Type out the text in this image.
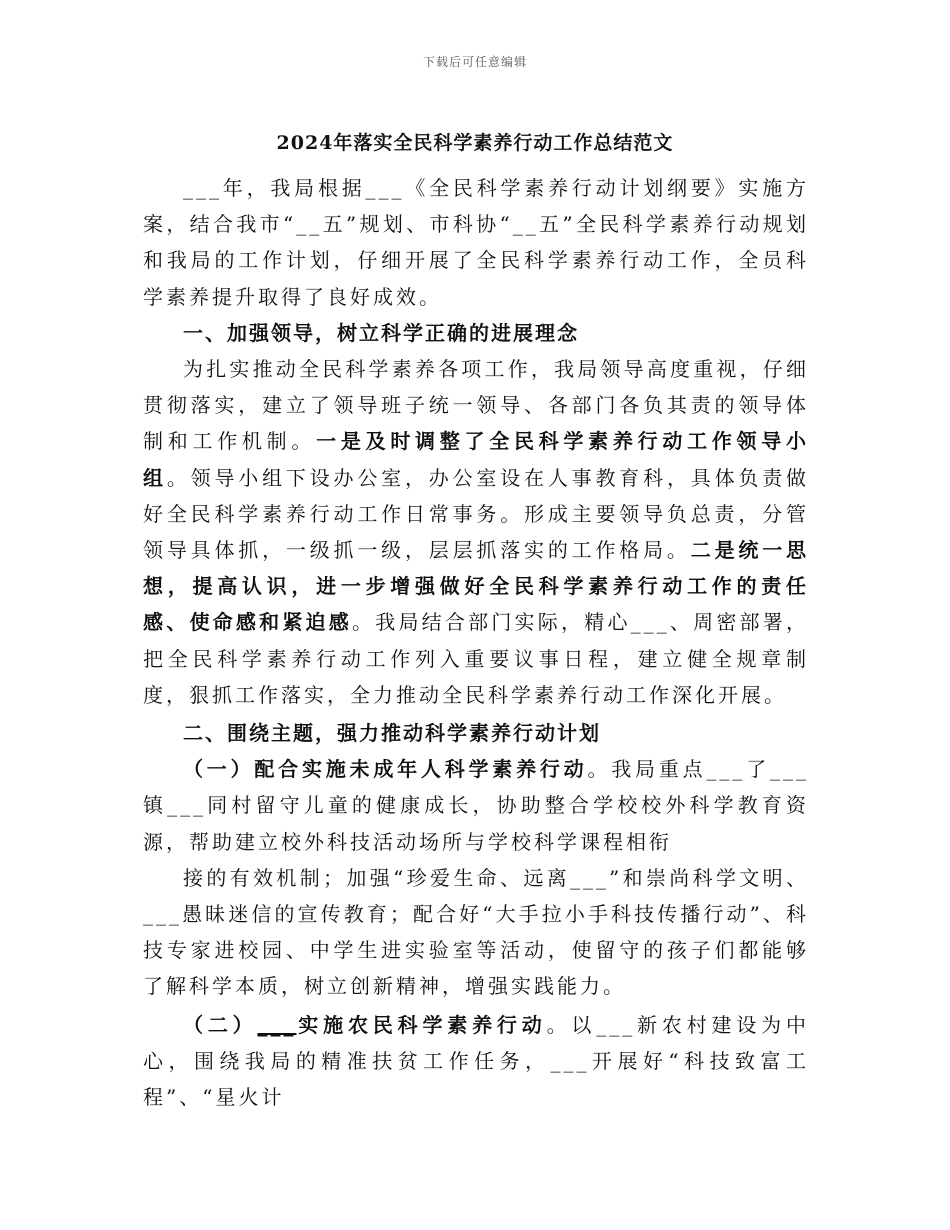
下载后可任意编辑
2024年落实全民科学素养行动工作总结范文

___年，我局根据___《全民科学素养行动计划纲要》实施方案，结合我市“__五”规划、市科协“__五”全民科学素养行动规划和我局的工作计划，仔细开展了全民科学素养行动工作，全员科学素养提升取得了良好成效。

一、加强领导，树立科学正确的进展理念

为扎实推动全民科学素养各项工作，我局领导高度重视，仔细贯彻落实，建立了领导班子统一领导、各部门各负其责的领导体制和工作机制。一是及时调整了全民科学素养行动工作领导小组。领导小组下设办公室，办公室设在人事教育科，具体负责做好全民科学素养行动工作日常事务。形成主要领导负总责，分管领导具体抓，一级抓一级，层层抓落实的工作格局。二是统一思想，提高认识，进一步增强做好全民科学素养行动工作的责任感、使命感和紧迫感。我局结合部门实际，精心___、周密部署，把全民科学素养行动工作列入重要议事日程，建立健全规章制度，狠抓工作落实，全力推动全民科学素养行动工作深化开展。

二、围绕主题，强力推动科学素养行动计划

（一）配合实施未成年人科学素养行动。我局重点___了___镇___同村留守儿童的健康成长，协助整合学校校外科学教育资源，帮助建立校外科技活动场所与学校科学课程相衔

接的有效机制；加强“珍爱生命、远离___”和崇尚科学文明、___愚昧迷信的宣传教育；配合好“大手拉小手科技传播行动”、科技专家进校园、中学生进实验室等活动，使留守的孩子们都能够了解科学本质，树立创新精神，增强实践能力。

（二）___实施农民科学素养行动。以___新农村建设为中心，围绕我局的精准扶贫工作任务，___开展好“科技致富工程”、“星火计
